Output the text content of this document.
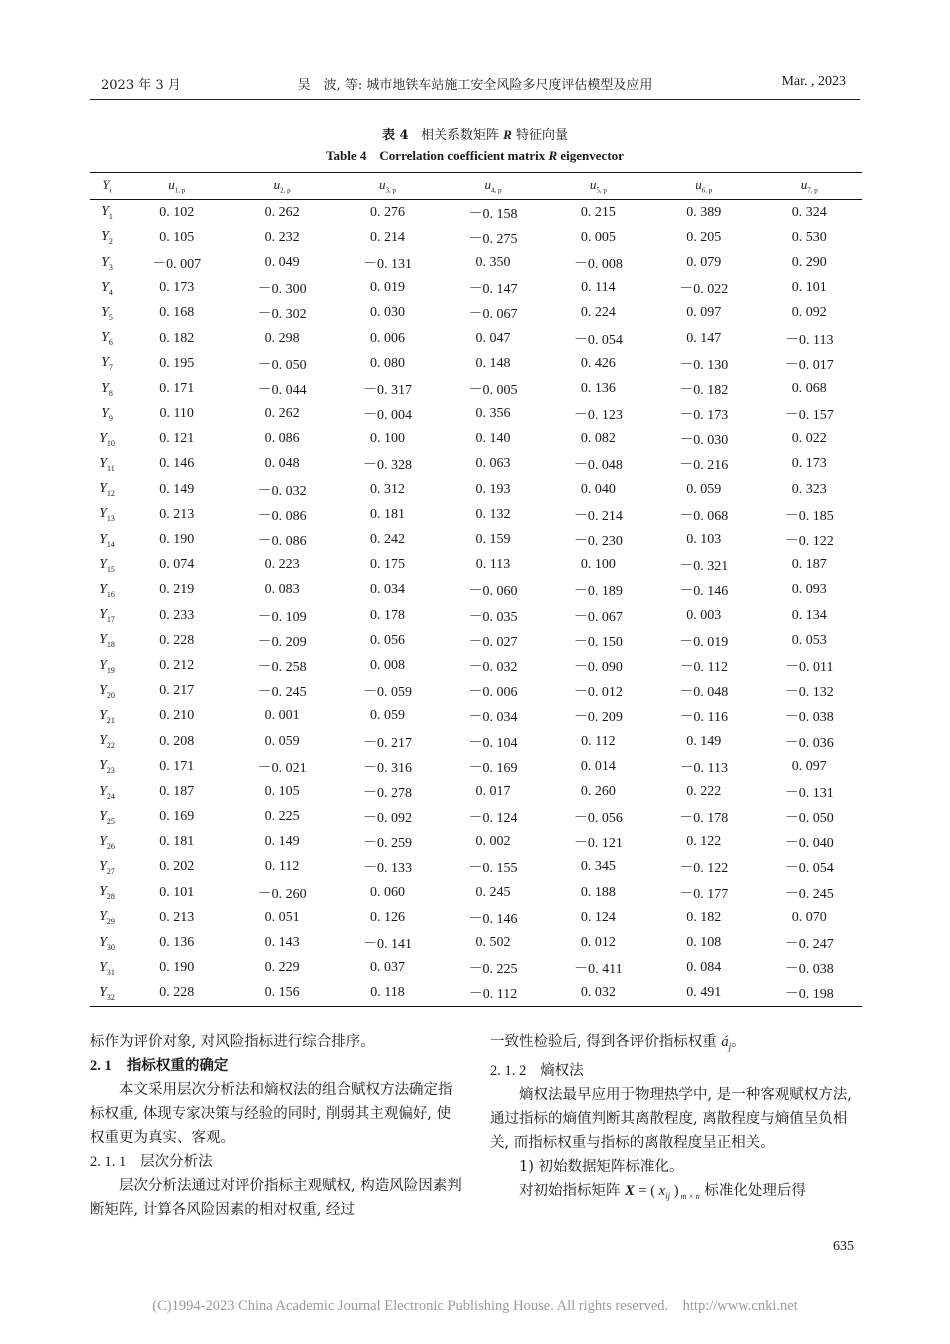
2023 年 3 月	吴　波, 等: 城市地铁车站施工安全风险多尺度评估模型及应用	Mar. , 2023
表 4 相关系数矩阵 R 特征向量
Table 4 Correlation coefficient matrix R eigenvector
$Y_i$	$u_{1, p}$	$u_{2, p}$	$u_{3, p}$	$u_{4, p}$	$u_{5, p}$	$u_{6, p}$	$u_{7, p}$
$Y_1$	0. 102	0. 262	0. 276	－0. 158	0. 215	0. 389	0. 324
$Y_2$	0. 105	0. 232	0. 214	－0. 275	0. 005	0. 205	0. 530
$Y_3$	－0. 007	0. 049	－0. 131	0. 350	－0. 008	0. 079	0. 290
$Y_4$	0. 173	－0. 300	0. 019	－0. 147	0. 114	－0. 022	0. 101
$Y_5$	0. 168	－0. 302	0. 030	－0. 067	0. 224	0. 097	0. 092
$Y_6$	0. 182	0. 298	0. 006	0. 047	－0. 054	0. 147	－0. 113
$Y_7$	0. 195	－0. 050	0. 080	0. 148	0. 426	－0. 130	－0. 017
$Y_8$	0. 171	－0. 044	－0. 317	－0. 005	0. 136	－0. 182	0. 068
$Y_9$	0. 110	0. 262	－0. 004	0. 356	－0. 123	－0. 173	－0. 157
$Y_{10}$	0. 121	0. 086	0. 100	0. 140	0. 082	－0. 030	0. 022
$Y_{11}$	0. 146	0. 048	－0. 328	0. 063	－0. 048	－0. 216	0. 173
$Y_{12}$	0. 149	－0. 032	0. 312	0. 193	0. 040	0. 059	0. 323
$Y_{13}$	0. 213	－0. 086	0. 181	0. 132	－0. 214	－0. 068	－0. 185
$Y_{14}$	0. 190	－0. 086	0. 242	0. 159	－0. 230	0. 103	－0. 122
$Y_{15}$	0. 074	0. 223	0. 175	0. 113	0. 100	－0. 321	0. 187
$Y_{16}$	0. 219	0. 083	0. 034	－0. 060	－0. 189	－0. 146	0. 093
$Y_{17}$	0. 233	－0. 109	0. 178	－0. 035	－0. 067	0. 003	0. 134
$Y_{18}$	0. 228	－0. 209	0. 056	－0. 027	－0. 150	－0. 019	0. 053
$Y_{19}$	0. 212	－0. 258	0. 008	－0. 032	－0. 090	－0. 112	－0. 011
$Y_{20}$	0. 217	－0. 245	－0. 059	－0. 006	－0. 012	－0. 048	－0. 132
$Y_{21}$	0. 210	0. 001	0. 059	－0. 034	－0. 209	－0. 116	－0. 038
$Y_{22}$	0. 208	0. 059	－0. 217	－0. 104	0. 112	0. 149	－0. 036
$Y_{23}$	0. 171	－0. 021	－0. 316	－0. 169	0. 014	－0. 113	0. 097
$Y_{24}$	0. 187	0. 105	－0. 278	0. 017	0. 260	0. 222	－0. 131
$Y_{25}$	0. 169	0. 225	－0. 092	－0. 124	－0. 056	－0. 178	－0. 050
$Y_{26}$	0. 181	0. 149	－0. 259	0. 002	－0. 121	0. 122	－0. 040
$Y_{27}$	0. 202	0. 112	－0. 133	－0. 155	0. 345	－0. 122	－0. 054
$Y_{28}$	0. 101	－0. 260	0. 060	0. 245	0. 188	－0. 177	－0. 245
$Y_{29}$	0. 213	0. 051	0. 126	－0. 146	0. 124	0. 182	0. 070
$Y_{30}$	0. 136	0. 143	－0. 141	0. 502	0. 012	0. 108	－0. 247
$Y_{31}$	0. 190	0. 229	0. 037	－0. 225	－0. 411	0. 084	－0. 038
$Y_{32}$	0. 228	0. 156	0. 118	－0. 112	0. 032	0. 491	－0. 198

标作为评价对象, 对风险指标进行综合排序。

2. 1 指标权重的确定

本文采用层次分析法和熵权法的组合赋权方法确定指标权重, 体现专家决策与经验的同时, 削弱其主观偏好, 使权重更为真实、客观。

2. 1. 1 层次分析法

层次分析法通过对评价指标主观赋权, 构造风险因素判断矩阵, 计算各风险因素的相对权重, 经过

一致性检验后, 得到各评价指标权重 $á_j$。

2. 1. 2 熵权法

熵权法最早应用于物理热学中, 是一种客观赋权方法, 通过指标的熵值判断其离散程度, 离散程度与熵值呈负相关, 而指标权重与指标的离散程度呈正相关。

1) 初始数据矩阵标准化。

对初始指标矩阵 X = ( $x_{ij}$ ) $_{m \times n}$ 标准化处理后得

635
(C)1994-2023 China Academic Journal Electronic Publishing House. All rights reserved.    http://www.cnki.net
